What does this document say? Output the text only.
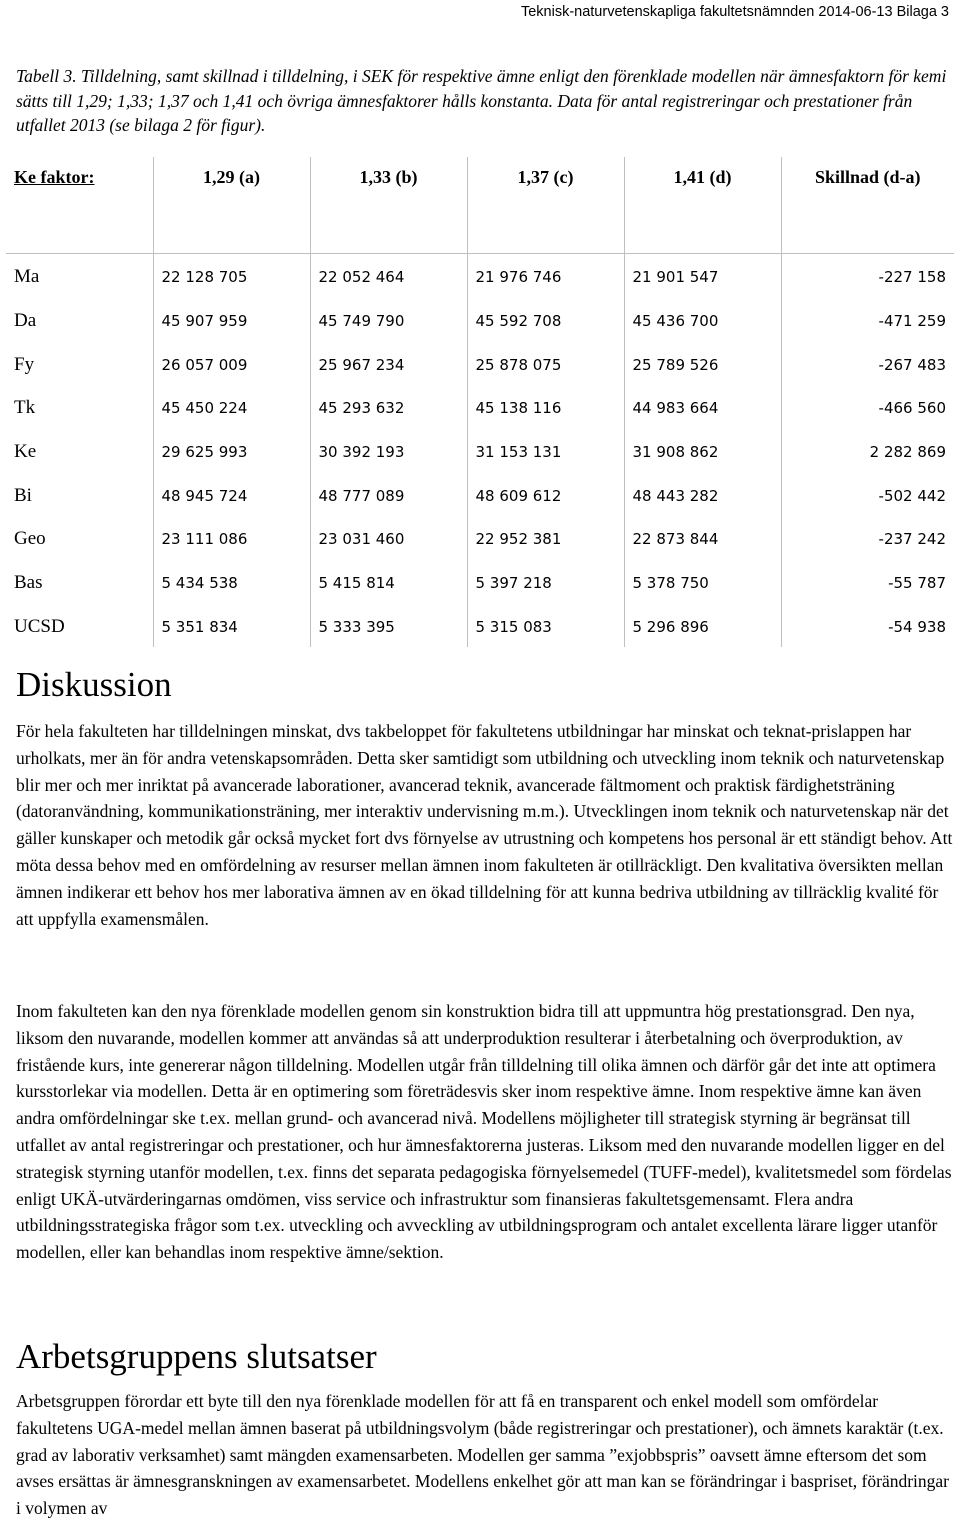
Teknisk-naturvetenskapliga fakultetsnämnden 2014-06-13 Bilaga 3

Tabell 3. Tilldelning, samt skillnad i tilldelning, i SEK för respektive ämne enligt den förenklade modellen när ämnesfaktorn för kemi sätts till 1,29; 1,33; 1,37 och 1,41 och övriga ämnesfaktorer hålls konstanta. Data för antal registreringar och prestationer från utfallet 2013 (se bilaga 2 för figur).

Ke faktor:	1,29 (a)	1,33 (b)	1,37 (c)	1,41 (d)	Skillnad (d-a)
Ma	22 128 705	22 052 464	21 976 746	21 901 547	-227 158
Da	45 907 959	45 749 790	45 592 708	45 436 700	-471 259
Fy	26 057 009	25 967 234	25 878 075	25 789 526	-267 483
Tk	45 450 224	45 293 632	45 138 116	44 983 664	-466 560
Ke	29 625 993	30 392 193	31 153 131	31 908 862	2 282 869
Bi	48 945 724	48 777 089	48 609 612	48 443 282	-502 442
Geo	23 111 086	23 031 460	22 952 381	22 873 844	-237 242
Bas	5 434 538	5 415 814	5 397 218	5 378 750	-55 787
UCSD	5 351 834	5 333 395	5 315 083	5 296 896	-54 938
Diskussion

För hela fakulteten har tilldelningen minskat, dvs takbeloppet för fakultetens utbildningar har minskat och teknat-prislappen har urholkats, mer än för andra vetenskapsområden. Detta sker samtidigt som utbildning och utveckling inom teknik och naturvetenskap blir mer och mer inriktat på avancerade laborationer, avancerad teknik, avancerade fältmoment och praktisk färdighetsträning (datoranvändning, kommunikationsträning, mer interaktiv undervisning m.m.). Utvecklingen inom teknik och naturvetenskap när det gäller kunskaper och metodik går också mycket fort dvs förnyelse av utrustning och kompetens hos personal är ett ständigt behov. Att möta dessa behov med en omfördelning av resurser mellan ämnen inom fakulteten är otillräckligt. Den kvalitativa översikten mellan ämnen indikerar ett behov hos mer laborativa ämnen av en ökad tilldelning för att kunna bedriva utbildning av tillräcklig kvalité för att uppfylla examensmålen.

Inom fakulteten kan den nya förenklade modellen genom sin konstruktion bidra till att uppmuntra hög prestationsgrad. Den nya, liksom den nuvarande, modellen kommer att användas så att underproduktion resulterar i återbetalning och överproduktion, av fristående kurs, inte genererar någon tilldelning. Modellen utgår från tilldelning till olika ämnen och därför går det inte att optimera kursstorlekar via modellen. Detta är en optimering som företrädesvis sker inom respektive ämne. Inom respektive ämne kan även andra omfördelningar ske t.ex. mellan grund- och avancerad nivå. Modellens möjligheter till strategisk styrning är begränsat till utfallet av antal registreringar och prestationer, och hur ämnesfaktorerna justeras. Liksom med den nuvarande modellen ligger en del strategisk styrning utanför modellen, t.ex. finns det separata pedagogiska förnyelsemedel (TUFF-medel), kvalitetsmedel som fördelas enligt UKÄ-utvärderingarnas omdömen, viss service och infrastruktur som finansieras fakultetsgemensamt. Flera andra utbildningsstrategiska frågor som t.ex. utveckling och avveckling av utbildningsprogram och antalet excellenta lärare ligger utanför modellen, eller kan behandlas inom respektive ämne/sektion.

Arbetsgruppens slutsatser

Arbetsgruppen förordar ett byte till den nya förenklade modellen för att få en transparent och enkel modell som omfördelar fakultetens UGA-medel mellan ämnen baserat på utbildningsvolym (både registreringar och prestationer), och ämnets karaktär (t.ex. grad av laborativ verksamhet) samt mängden examensarbeten. Modellen ger samma ”exjobbspris” oavsett ämne eftersom det som avses ersättas är ämnesgranskningen av examensarbetet. Modellens enkelhet gör att man kan se förändringar i baspriset, förändringar i volymen av
